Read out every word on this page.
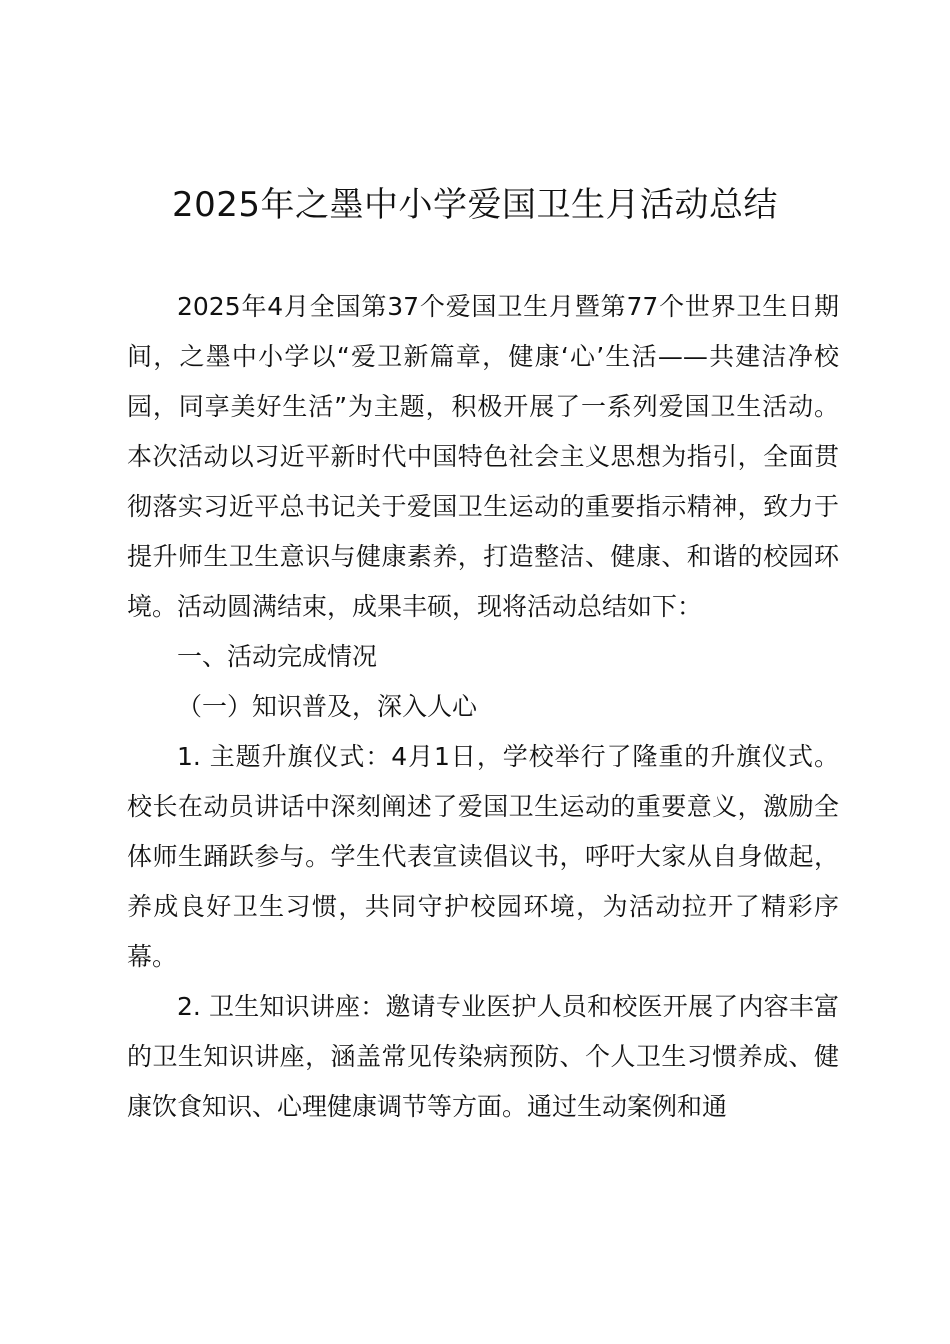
2025年之墨中小学爱国卫生月活动总结

2025年4月全国第37个爱国卫生月暨第77个世界卫生日期间，之墨中小学以“爱卫新篇章，健康‘心’生活——共建洁净校园，同享美好生活”为主题，积极开展了一系列爱国卫生活动。本次活动以习近平新时代中国特色社会主义思想为指引，全面贯彻落实习近平总书记关于爱国卫生运动的重要指示精神，致力于提升师生卫生意识与健康素养，打造整洁、健康、和谐的校园环境。活动圆满结束，成果丰硕，现将活动总结如下：

一、活动完成情况

（一）知识普及，深入人心

1. 主题升旗仪式：4月1日，学校举行了隆重的升旗仪式。校长在动员讲话中深刻阐述了爱国卫生运动的重要意义，激励全体师生踊跃参与。学生代表宣读倡议书，呼吁大家从自身做起，养成良好卫生习惯，共同守护校园环境，为活动拉开了精彩序幕。

2. 卫生知识讲座：邀请专业医护人员和校医开展了内容丰富的卫生知识讲座，涵盖常见传染病预防、个人卫生习惯养成、健康饮食知识、心理健康调节等方面。通过生动案例和通
